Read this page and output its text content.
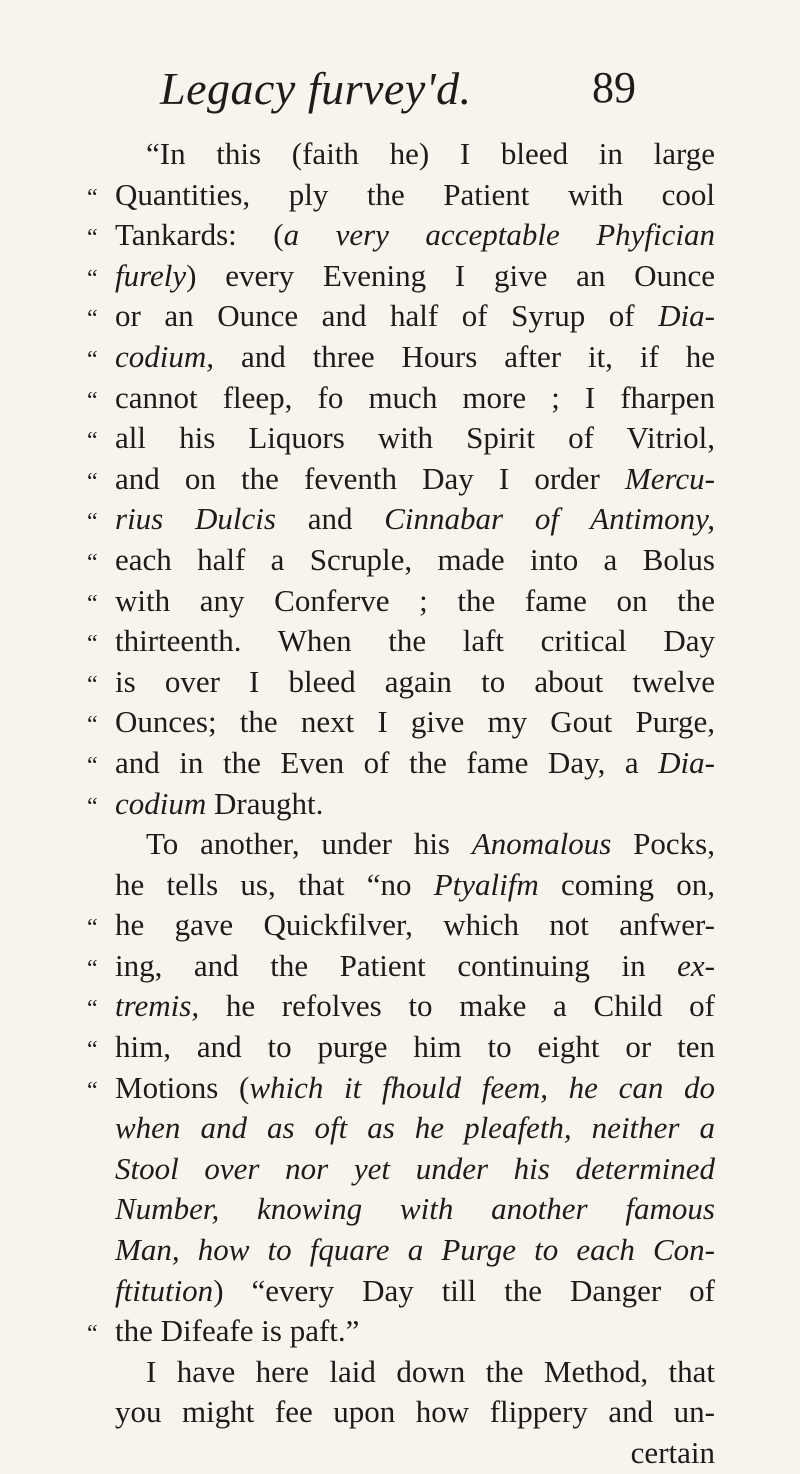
Legacy furvey'd.	89
“In this (faith he) I bleed in large
“ Quantities, ply the Patient with cool
“ Tankards: (a very acceptable Phyfician
“ furely) every Evening I give an Ounce
“ or an Ounce and half of Syrup of Dia-
“ codium, and three Hours after it, if he
“ cannot fleep, fo much more ; I fharpen
“ all his Liquors with Spirit of Vitriol,
“ and on the feventh Day I order Mercu-
“ rius Dulcis and Cinnabar of Antimony,
“ each half a Scruple, made into a Bolus
“ with any Conferve ; the fame on the
“ thirteenth. When the laft critical Day
“ is over I bleed again to about twelve
“ Ounces; the next I give my Gout Purge,
“ and in the Even of the fame Day, a Dia-
“ codium Draught.
To another, under his Anomalous Pocks,
he tells us, that “no Ptyalifm coming on,
“ he gave Quickfilver, which not anfwer-
“ ing, and the Patient continuing in ex-
“ tremis, he refolves to make a Child of
“ him, and to purge him to eight or ten
“ Motions (which it fhould feem, he can do
when and as oft as he pleafeth, neither a
Stool over nor yet under his determined
Number, knowing with another famous
Man, how to fquare a Purge to each Con-
ftitution) “every Day till the Danger of
“ the Difeafe is paft.”
I have here laid down the Method, that
you might fee upon how flippery and un-
certain
